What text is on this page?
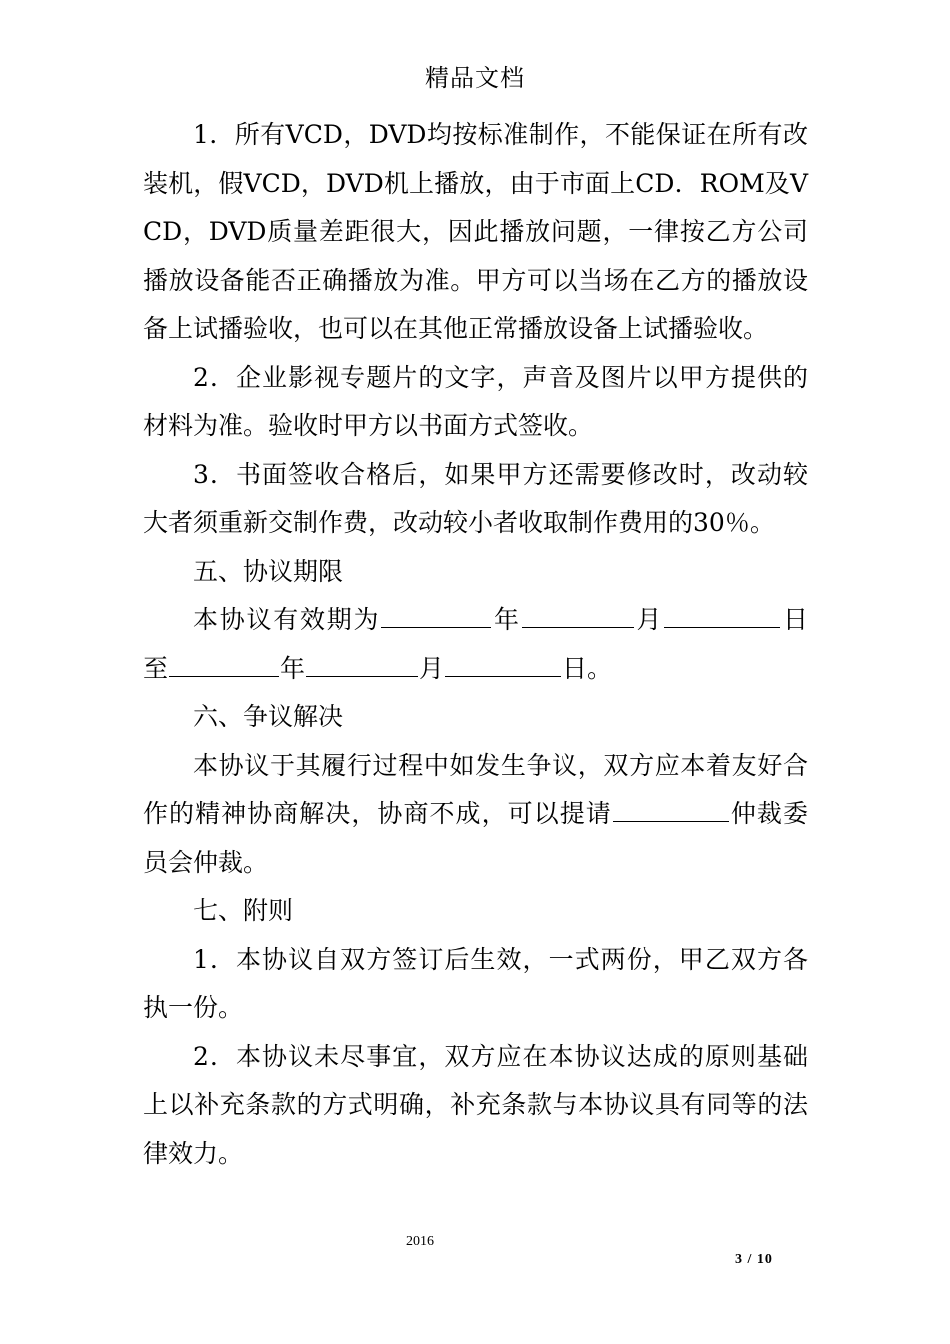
精品文档

1．所有VCD，DVD均按标准制作，不能保证在所有改装机，假VCD，DVD机上播放，由于市面上CD．ROM及VCD，DVD质量差距很大，因此播放问题，一律按乙方公司播放设备能否正确播放为准。甲方可以当场在乙方的播放设备上试播验收，也可以在其他正常播放设备上试播验收。

2．企业影视专题片的文字，声音及图片以甲方提供的材料为准。验收时甲方以书面方式签收。

3．书面签收合格后，如果甲方还需要修改时，改动较大者须重新交制作费，改动较小者收取制作费用的30％。

五、协议期限

本协议有效期为	年	月	日至	年	月	日。

六、争议解决

本协议于其履行过程中如发生争议，双方应本着友好合作的精神协商解决，协商不成，可以提请	仲裁委员会仲裁。

七、附则

1．本协议自双方签订后生效，一式两份，甲乙双方各执一份。

2．本协议未尽事宜，双方应在本协议达成的原则基础上以补充条款的方式明确，补充条款与本协议具有同等的法律效力。

2016
3 / 10
